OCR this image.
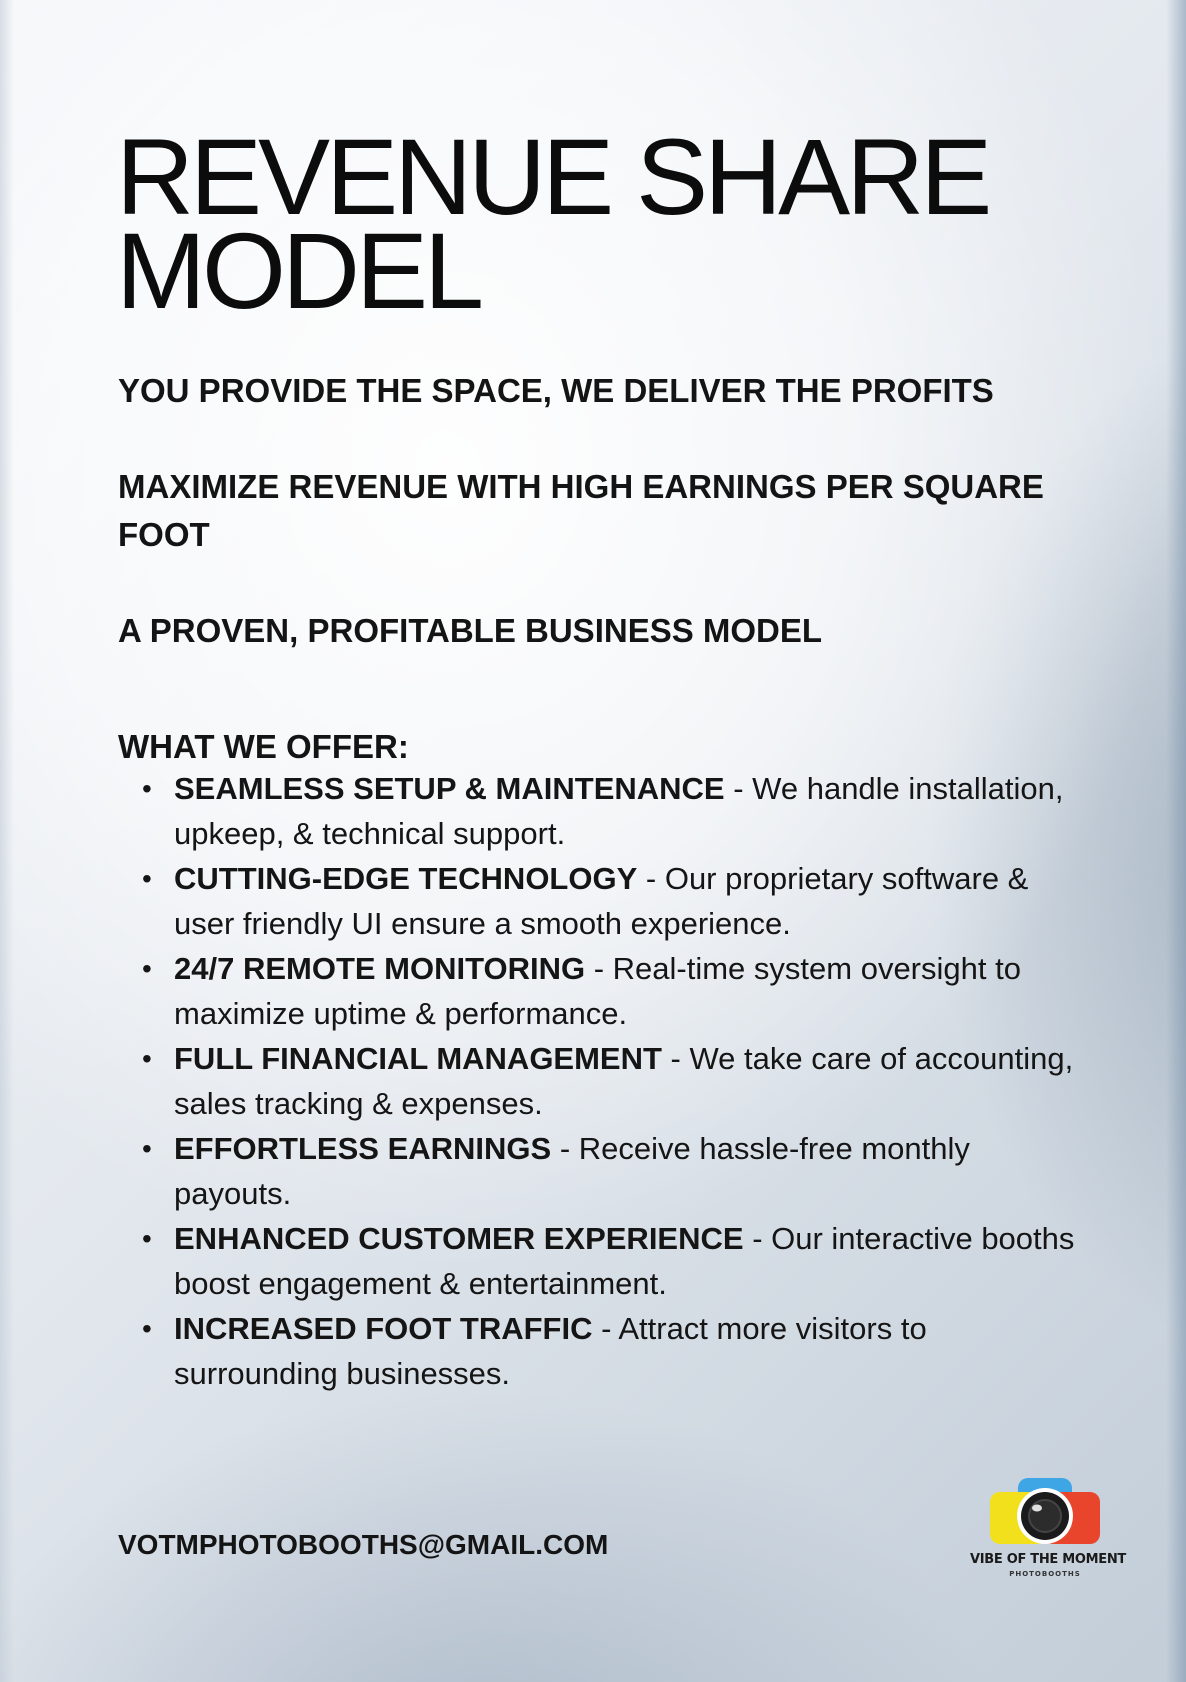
REVENUE SHARE MODEL

YOU PROVIDE THE SPACE, WE DELIVER THE PROFITS

MAXIMIZE REVENUE WITH HIGH EARNINGS PER SQUARE FOOT

A PROVEN, PROFITABLE BUSINESS MODEL

WHAT WE OFFER:

• SEAMLESS SETUP & MAINTENANCE - We handle installation, upkeep, & technical support.
• CUTTING-EDGE TECHNOLOGY - Our proprietary software & user friendly UI ensure a smooth experience.
• 24/7 REMOTE MONITORING - Real-time system oversight to maximize uptime & performance.
• FULL FINANCIAL MANAGEMENT - We take care of accounting, sales tracking & expenses.
• EFFORTLESS EARNINGS - Receive hassle-free monthly payouts.
• ENHANCED CUSTOMER EXPERIENCE - Our interactive booths boost engagement & entertainment.
• INCREASED FOOT TRAFFIC - Attract more visitors to surrounding businesses.

VOTMPHOTOBOOTHS@GMAIL.COM	VIBE OF THE MOMENT
PHOTOBOOTHS
